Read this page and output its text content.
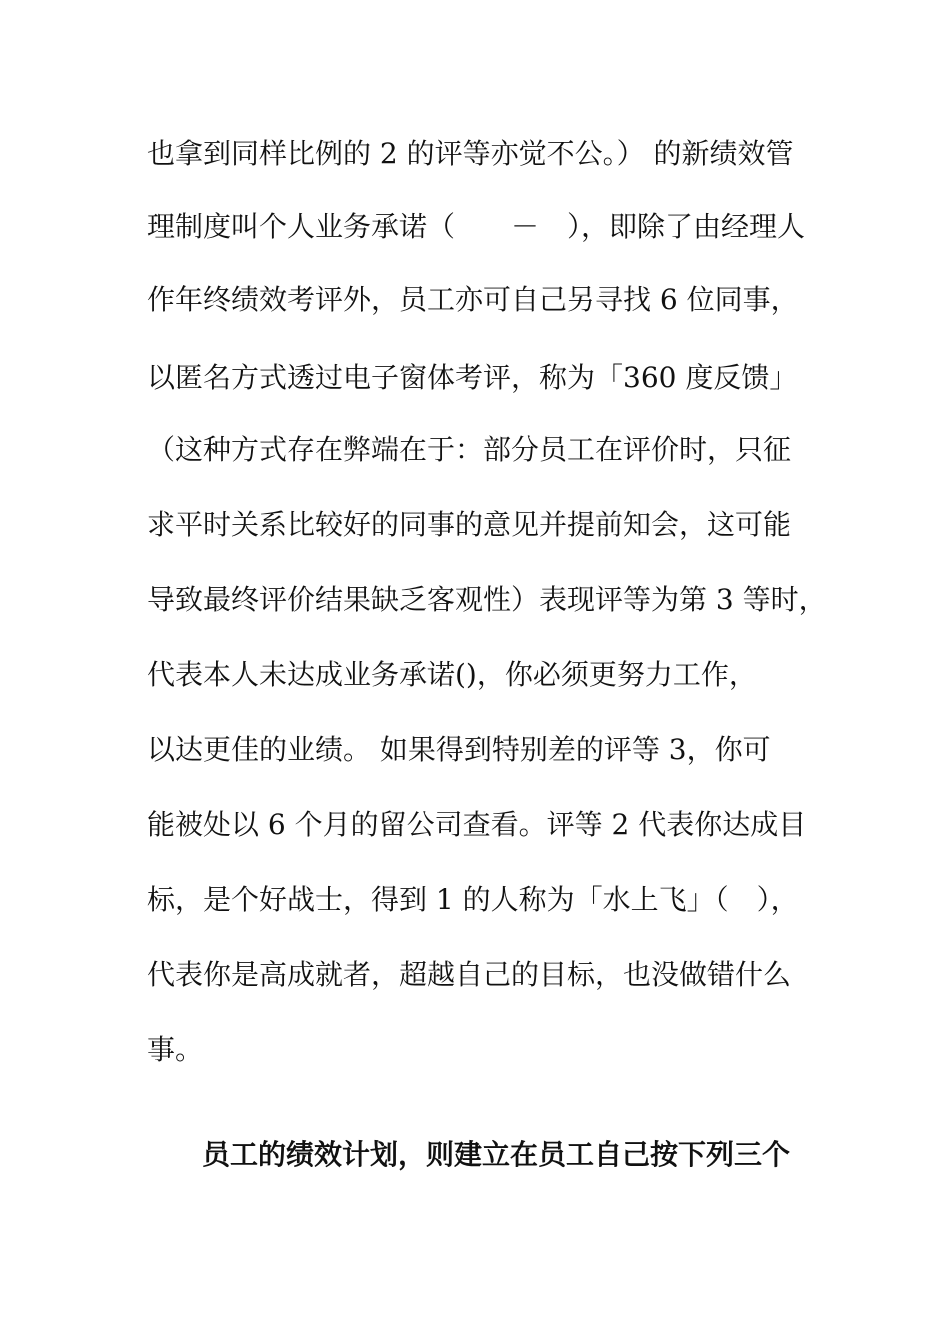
也拿到同样比例的 2 的评等亦觉不公。） 的新绩效管
理制度叫个人业务承诺（　　－　），即除了由经理人
作年终绩效考评外，员工亦可自己另寻找 6 位同事，
以匿名方式透过电子窗体考评，称为「360 度反馈」
（这种方式存在弊端在于：部分员工在评价时，只征
求平时关系比较好的同事的意见并提前知会，这可能
导致最终评价结果缺乏客观性）表现评等为第 3 等时，
代表本人未达成业务承诺()，你必须更努力工作，
以达更佳的业绩。 如果得到特别差的评等 3，你可
能被处以 6 个月的留公司查看。评等 2 代表你达成目
标，是个好战士，得到 1 的人称为「水上飞」（　），
代表你是高成就者，超越自己的目标，也没做错什么
事。
员工的绩效计划，则建立在员工自己按下列三个
